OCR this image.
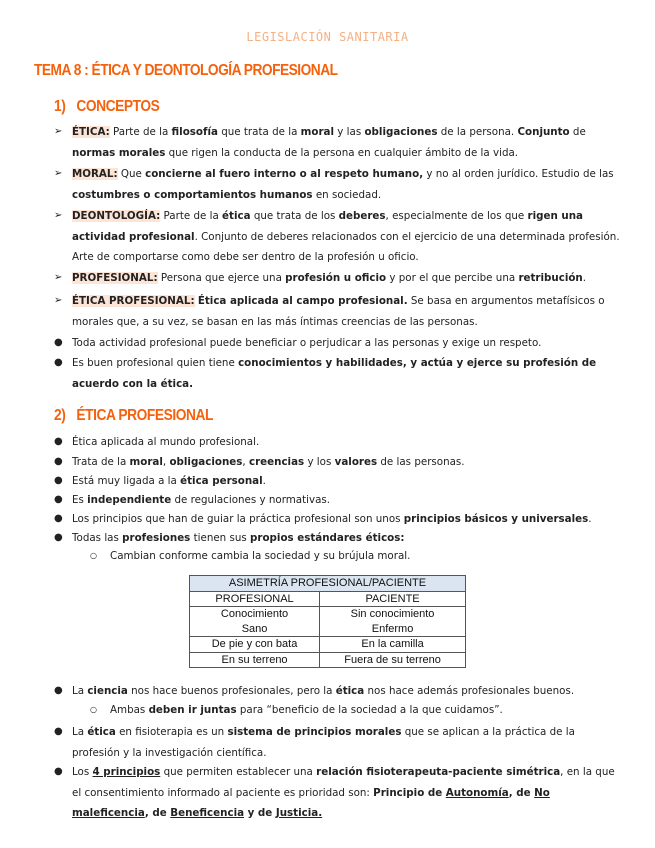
LEGISLACIÓN SANITARIA
TEMA 8 : ÉTICA Y DEONTOLOGÍA PROFESIONAL
1) CONCEPTOS
➢ ÉTICA: Parte de la filosofía que trata de la moral y las obligaciones de la persona. Conjunto de normas morales que rigen la conducta de la persona en cualquier ámbito de la vida.
➢ MORAL: Que concierne al fuero interno o al respeto humano, y no al orden jurídico. Estudio de las costumbres o comportamientos humanos en sociedad.
➢ DEONTOLOGÍA: Parte de la ética que trata de los deberes, especialmente de los que rigen una actividad profesional. Conjunto de deberes relacionados con el ejercicio de una determinada profesión. Arte de comportarse como debe ser dentro de la profesión u oficio.
➢ PROFESIONAL: Persona que ejerce una profesión u oficio y por el que percibe una retribución.
➢ ÉTICA PROFESIONAL: Ética aplicada al campo profesional. Se basa en argumentos metafísicos o morales que, a su vez, se basan en las más íntimas creencias de las personas.
● Toda actividad profesional puede beneficiar o perjudicar a las personas y exige un respeto.
● Es buen profesional quien tiene conocimientos y habilidades, y actúa y ejerce su profesión de acuerdo con la ética.
2) ÉTICA PROFESIONAL
● Ética aplicada al mundo profesional.
● Trata de la moral, obligaciones, creencias y los valores de las personas.
● Está muy ligada a la ética personal.
● Es independiente de regulaciones y normativas.
● Los principios que han de guiar la práctica profesional son unos principios básicos y universales.
● Todas las profesiones tienen sus propios estándares éticos:
○ Cambian conforme cambia la sociedad y su brújula moral.
ASIMETRÍA PROFESIONAL/PACIENTE	
PROFESIONAL	PACIENTE
Conocimiento	Sin conocimiento
Sano	Enfermo
De pie y con bata	En la camilla
En su terreno	Fuera de su terreno
● La ciencia nos hace buenos profesionales, pero la ética nos hace además profesionales buenos.
○ Ambas deben ir juntas para “beneficio de la sociedad a la que cuidamos”.
● La ética en fisioterapia es un sistema de principios morales que se aplican a la práctica de la profesión y la investigación científica.
● Los 4 principios que permiten establecer una relación fisioterapeuta-paciente simétrica, en la que el consentimiento informado al paciente es prioridad son: Principio de Autonomía, de No maleficencia, de Beneficencia y de Justicia.
